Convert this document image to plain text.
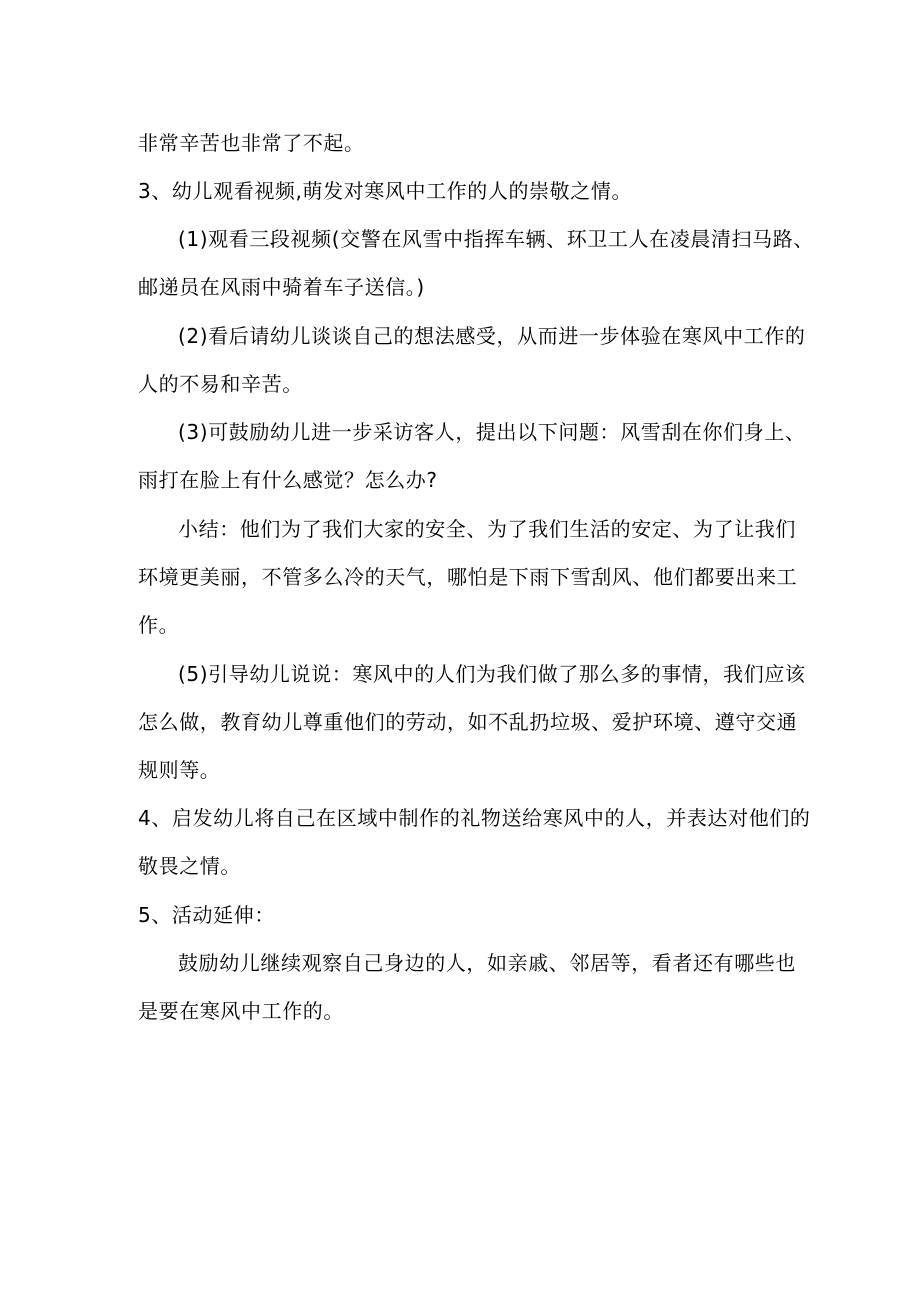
非常辛苦也非常了不起。
3、幼儿观看视频,萌发对寒风中工作的人的崇敬之情。
(1)观看三段视频(交警在风雪中指挥车辆、环卫工人在凌晨清扫马路、
邮递员在风雨中骑着车子送信。)
(2)看后请幼儿谈谈自己的想法感受，从而进一步体验在寒风中工作的
人的不易和辛苦。
(3)可鼓励幼儿进一步采访客人，提出以下问题：风雪刮在你们身上、
雨打在脸上有什么感觉？怎么办?
小结：他们为了我们大家的安全、为了我们生活的安定、为了让我们
环境更美丽，不管多么冷的天气，哪怕是下雨下雪刮风、他们都要出来工
作。
(5)引导幼儿说说：寒风中的人们为我们做了那么多的事情，我们应该
怎么做，教育幼儿尊重他们的劳动，如不乱扔垃圾、爱护环境、遵守交通
规则等。
4、启发幼儿将自己在区域中制作的礼物送给寒风中的人，并表达对他们的
敬畏之情。
5、活动延伸：
鼓励幼儿继续观察自己身边的人，如亲戚、邻居等，看者还有哪些也
是要在寒风中工作的。
